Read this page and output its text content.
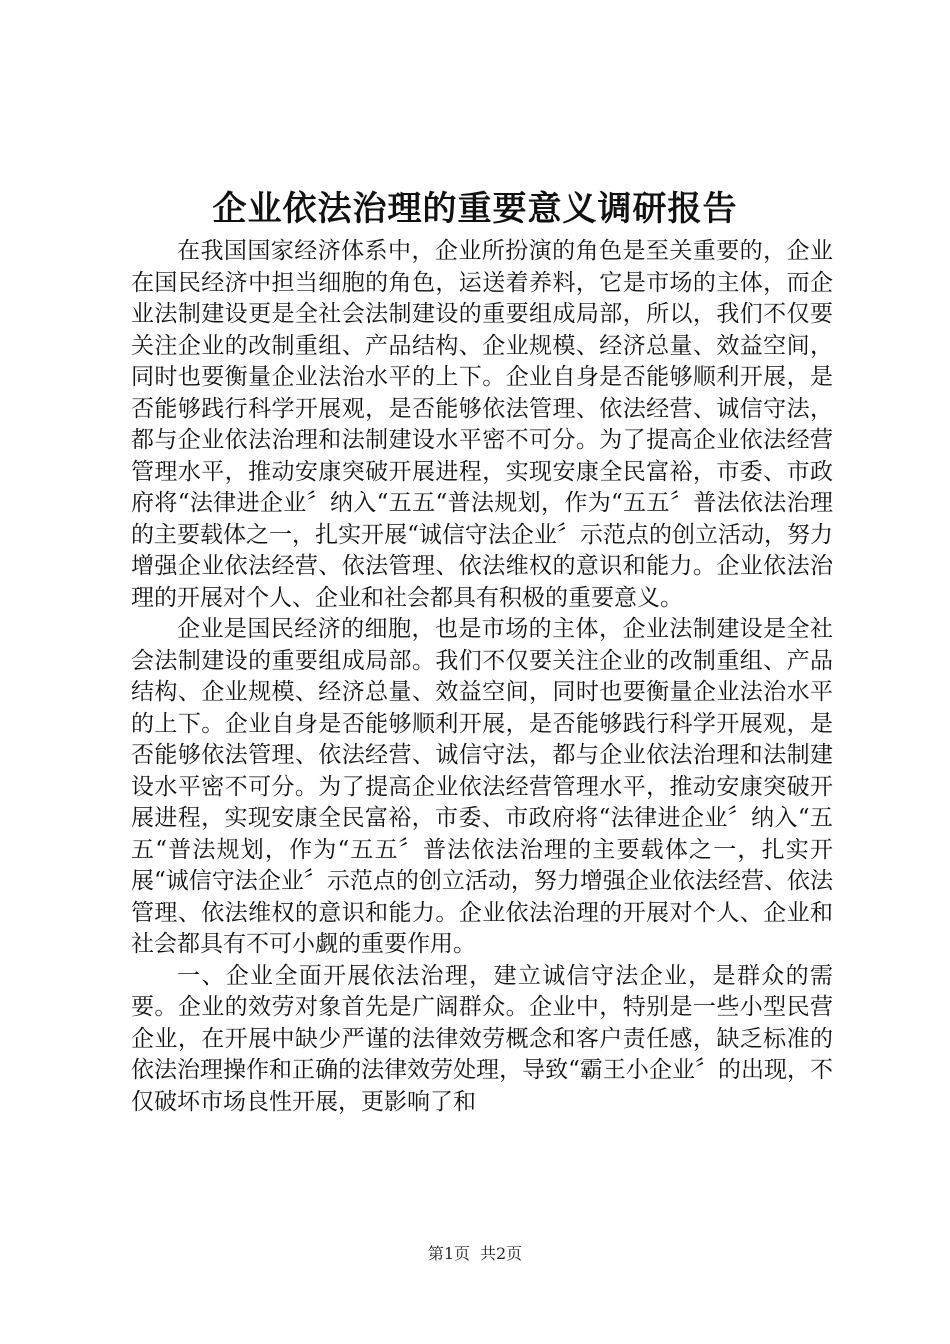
企业依法治理的重要意义调研报告

在我国国家经济体系中，企业所扮演的角色是至关重要的，企业在国民经济中担当细胞的角色，运送着养料，它是市场的主体，而企业法制建设更是全社会法制建设的重要组成局部，所以，我们不仅要关注企业的改制重组、产品结构、企业规模、经济总量、效益空间，同时也要衡量企业法治水平的上下。企业自身是否能够顺利开展，是否能够践行科学开展观，是否能够依法管理、依法经营、诚信守法，都与企业依法治理和法制建设水平密不可分。为了提高企业依法经营管理水平，推动安康突破开展进程，实现安康全民富裕，市委、市政府将“法律进企业〞纳入“五五“普法规划，作为“五五〞普法依法治理的主要载体之一，扎实开展“诚信守法企业〞示范点的创立活动，努力增强企业依法经营、依法管理、依法维权的意识和能力。企业依法治理的开展对个人、企业和社会都具有积极的重要意义。

企业是国民经济的细胞，也是市场的主体，企业法制建设是全社会法制建设的重要组成局部。我们不仅要关注企业的改制重组、产品结构、企业规模、经济总量、效益空间，同时也要衡量企业法治水平的上下。企业自身是否能够顺利开展，是否能够践行科学开展观，是否能够依法管理、依法经营、诚信守法，都与企业依法治理和法制建设水平密不可分。为了提高企业依法经营管理水平，推动安康突破开展进程，实现安康全民富裕，市委、市政府将“法律进企业〞纳入“五五“普法规划，作为“五五〞普法依法治理的主要载体之一，扎实开展“诚信守法企业〞示范点的创立活动，努力增强企业依法经营、依法管理、依法维权的意识和能力。企业依法治理的开展对个人、企业和社会都具有不可小觑的重要作用。

一、企业全面开展依法治理，建立诚信守法企业，是群众的需要。企业的效劳对象首先是广阔群众。企业中，特别是一些小型民营企业，在开展中缺少严谨的法律效劳概念和客户责任感，缺乏标准的依法治理操作和正确的法律效劳处理，导致“霸王小企业〞的出现，不仅破坏市场良性开展，更影响了和

第1页 共2页
